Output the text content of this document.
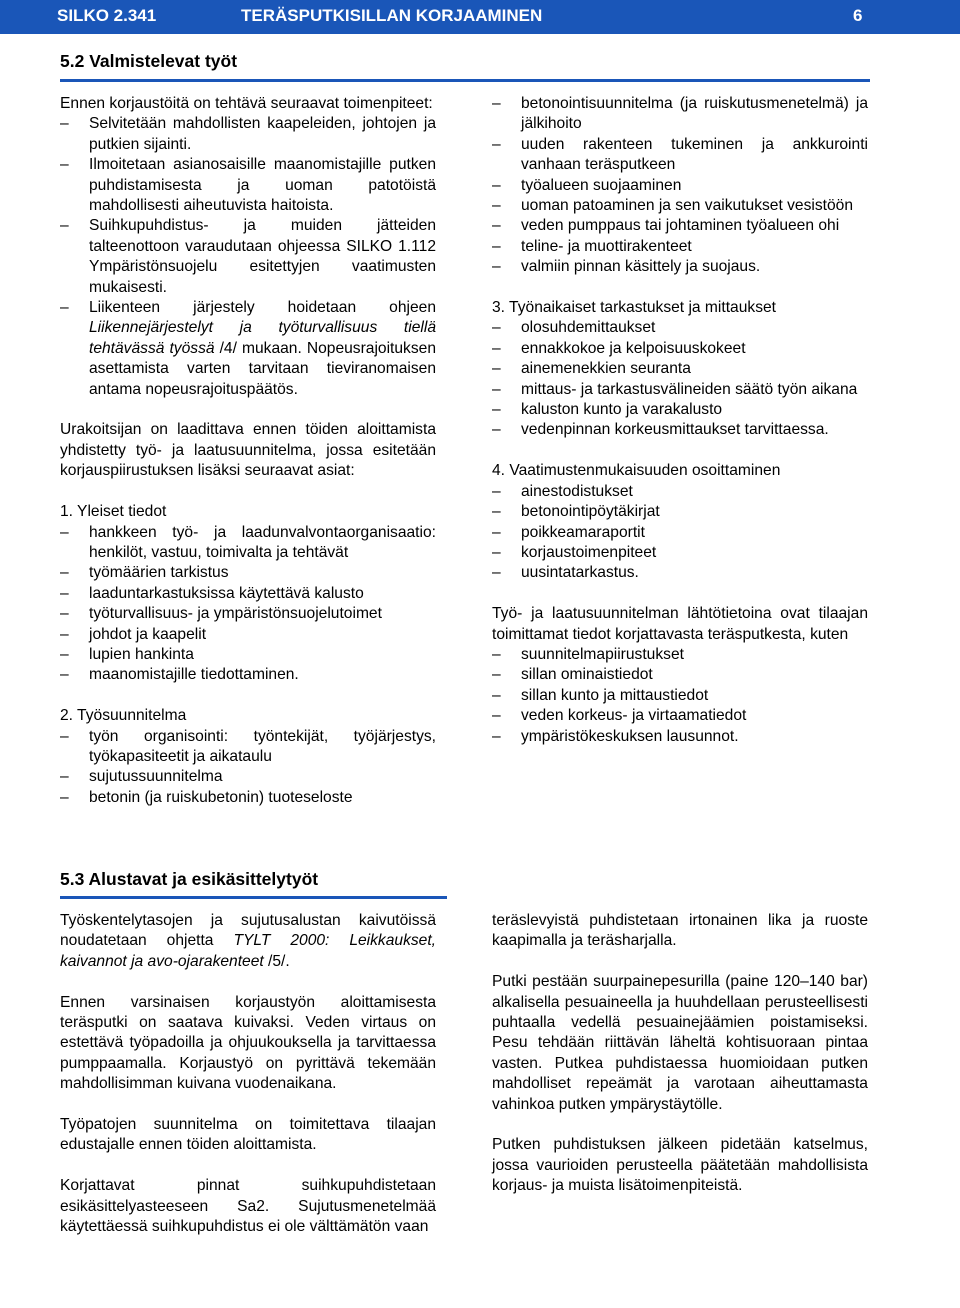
SILKO 2.341	TERÄSPUTKISILLAN KORJAAMINEN	6
5.2 Valmistelevat työt

Ennen korjaustöitä on tehtävä seuraavat toimenpiteet:

– Selvitetään mahdollisten kaapeleiden, johtojen ja putkien sijainti.
– Ilmoitetaan asianosaisille maanomistajille putken puhdistamisesta ja uoman patotöistä mahdollisesti aiheutuvista haitoista.
– Suihkupuhdistus- ja muiden jätteiden talteenottoon varaudutaan ohjeessa SILKO 1.112 Ympäristönsuojelu esitettyjen vaatimusten mukaisesti.
– Liikenteen järjestely hoidetaan ohjeen Liikennejärjestelyt ja työturvallisuus tiellä tehtävässä työssä /4/ mukaan. Nopeusrajoituksen asettamista varten tarvitaan tieviranomaisen antama nopeusrajoituspäätös.

Urakoitsijan on laadittava ennen töiden aloittamista yhdistetty työ- ja laatusuunnitelma, jossa esitetään korjauspiirustuksen lisäksi seuraavat asiat:

1. Yleiset tiedot

– hankkeen työ- ja laadunvalvontaorganisaatio: henkilöt, vastuu, toimivalta ja tehtävät
– työmäärien tarkistus
– laaduntarkastuksissa käytettävä kalusto
– työturvallisuus- ja ympäristönsuojelutoimet
– johdot ja kaapelit
– lupien hankinta
– maanomistajille tiedottaminen.

2. Työsuunnitelma

– työn organisointi: työntekijät, työjärjestys, työkapasiteetit ja aikataulu
– sujutussuunnitelma
– betonin (ja ruiskubetonin) tuoteseloste
– betonointisuunnitelma (ja ruiskutusmenetelmä) ja jälkihoito
– uuden rakenteen tukeminen ja ankkurointi vanhaan teräsputkeen
– työalueen suojaaminen
– uoman patoaminen ja sen vaikutukset vesistöön
– veden pumppaus tai johtaminen työalueen ohi
– teline- ja muottirakenteet
– valmiin pinnan käsittely ja suojaus.

3. Työnaikaiset tarkastukset ja mittaukset

– olosuhdemittaukset
– ennakkokoe ja kelpoisuuskokeet
– ainemenekkien seuranta
– mittaus- ja tarkastusvälineiden säätö työn aikana
– kaluston kunto ja varakalusto
– vedenpinnan korkeusmittaukset tarvittaessa.

4. Vaatimustenmukaisuuden osoittaminen

– ainestodistukset
– betonointipöytäkirjat
– poikkeamaraportit
– korjaustoimenpiteet
– uusintatarkastus.

Työ- ja laatusuunnitelman lähtötietoina ovat tilaajan toimittamat tiedot korjattavasta teräsputkesta, kuten

– suunnitelmapiirustukset
– sillan ominaistiedot
– sillan kunto ja mittaustiedot
– veden korkeus- ja virtaamatiedot
– ympäristökeskuksen lausunnot.
5.3 Alustavat ja esikäsittelytyöt

Työskentelytasojen ja sujutusalustan kaivutöissä noudatetaan ohjetta TYLT 2000: Leikkaukset, kaivannot ja avo-ojarakenteet /5/.

Ennen varsinaisen korjaustyön aloittamisesta teräsputki on saatava kuivaksi. Veden virtaus on estettävä työpadoilla ja ohjuukouksella ja tarvittaessa pumppaamalla. Korjaustyö on pyrittävä tekemään mahdollisimman kuivana vuodenaikana.

Työpatojen suunnitelma on toimitettava tilaajan edustajalle ennen töiden aloittamista.

Korjattavat pinnat suihkupuhdistetaan esikäsittelyasteeseen Sa2. Sujutusmenetelmää käytettäessä suihkupuhdistus ei ole välttämätön vaan

teräslevyistä puhdistetaan irtonainen lika ja ruoste kaapimalla ja teräsharjalla.

Putki pestään suurpainepesurilla (paine 120–140 bar) alkalisella pesuaineella ja huuhdellaan perusteellisesti puhtaalla vedellä pesuainejäämien poistamiseksi. Pesu tehdään riittävän läheltä kohtisuoraan pintaa vasten. Putkea puhdistaessa huomioidaan putken mahdolliset repeämät ja varotaan aiheuttamasta vahinkoa putken ympärystäytölle.

Putken puhdistuksen jälkeen pidetään katselmus, jossa vaurioiden perusteella päätetään mahdollisista korjaus- ja muista lisätoimenpiteistä.
